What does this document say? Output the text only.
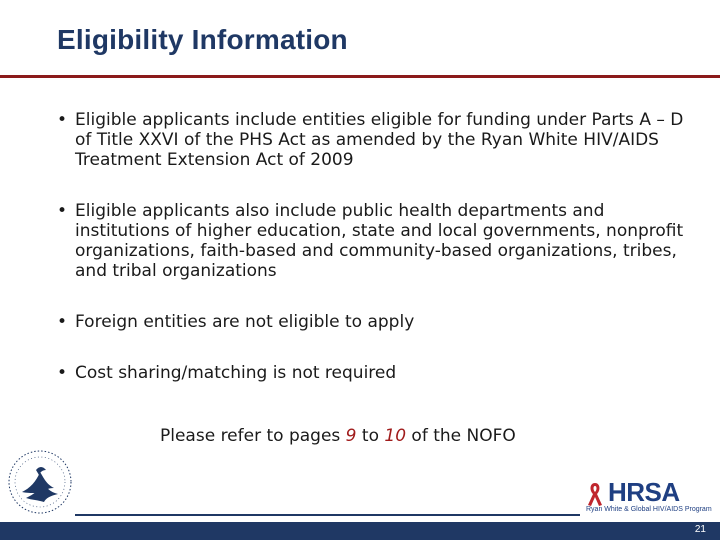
Eligibility Information
• Eligible applicants include entities eligible for funding under Parts A – D of Title XXVI of the PHS Act as amended by the Ryan White HIV/AIDS Treatment Extension Act of 2009
• Eligible applicants also include public health departments and institutions of higher education, state and local governments, nonprofit organizations, faith-based and community-based organizations, tribes, and tribal organizations
• Foreign entities are not eligible to apply
• Cost sharing/matching is not required
Please refer to pages 9 to 10 of the NOFO
HRSA
Ryan White & Global HIV/AIDS Program
21
